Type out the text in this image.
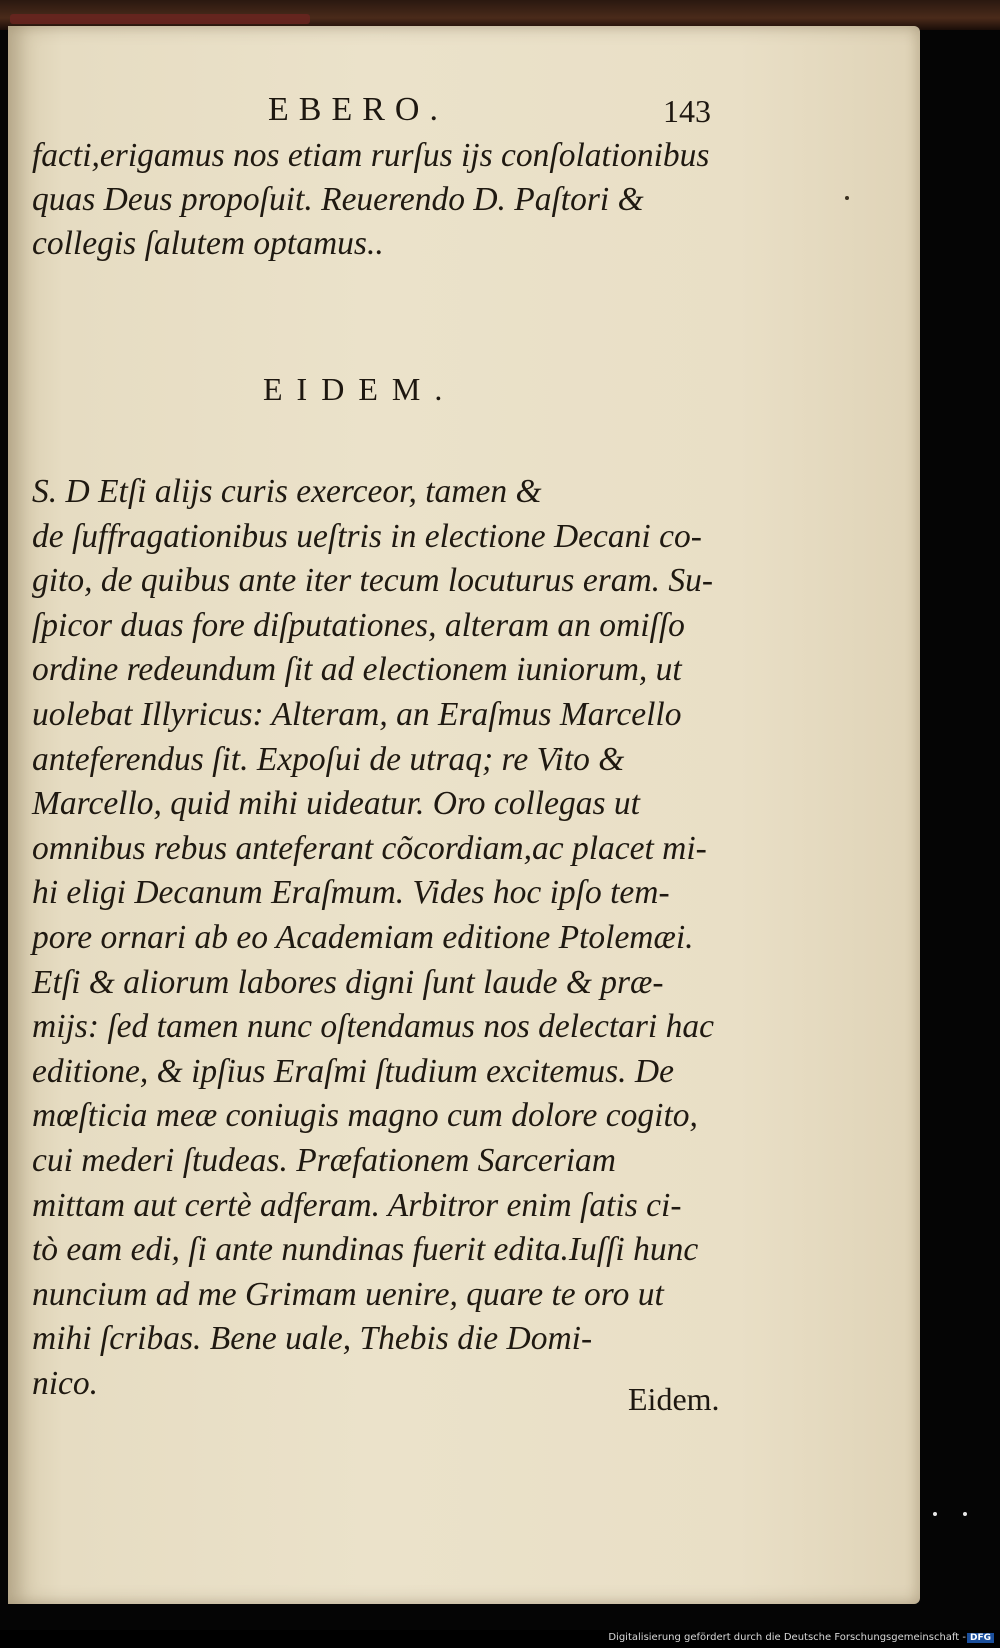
EBERO.	143
facti,erigamus nos etiam rurſus ijs conſolationibus
quas Deus propoſuit. Reuerendo D. Paſtori &
collegis ſalutem optamus..
EIDEM.
S. D Etſi alijs curis exerceor, tamen &
de ſuffragationibus ueſtris in electione Decani co-
gito, de quibus ante iter tecum locuturus eram. Su-
ſpicor duas fore diſputationes, alteram an omiſſo
ordine redeundum ſit ad electionem iuniorum, ut
uolebat Illyricus: Alteram, an Eraſmus Marcello
anteferendus ſit. Expoſui de utraq; re Vito &
Marcello, quid mihi uideatur. Oro collegas ut
omnibus rebus anteferant cõcordiam,ac placet mi-
hi eligi Decanum Eraſmum. Vides hoc ipſo tem-
pore ornari ab eo Academiam editione Ptolemæi.
Etſi & aliorum labores digni ſunt laude & præ-
mijs: ſed tamen nunc oſtendamus nos delectari hac
editione, & ipſius Eraſmi ſtudium excitemus. De
mœſticia meæ coniugis magno cum dolore cogito,
cui mederi ſtudeas. Præfationem Sarceriam
mittam aut certè adferam. Arbitror enim ſatis ci-
tò eam edi, ſi ante nundinas fuerit edita.Iuſſi hunc
nuncium ad me Grimam uenire, quare te oro ut
mihi ſcribas. Bene uale, Thebis die Domi-
nico.	Eidem.
Digitalisierung gefördert durch die Deutsche Forschungsgemeinschaft - DFG
